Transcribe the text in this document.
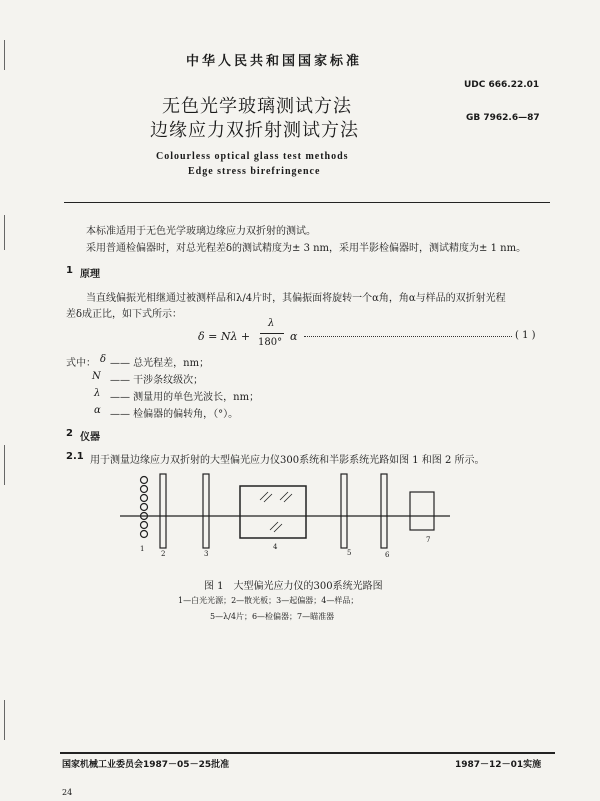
中华人民共和国国家标准
UDC 666.22.01
GB 7962.6—87
无色光学玻璃测试方法
边缘应力双折射测试方法
Colourless optical glass test methods
Edge stress birefringence
本标准适用于无色光学玻璃边缘应力双折射的测试。
采用普通检偏器时，对总光程差δ的测试精度为± 3 nm，采用半影检偏器时，测试精度为± 1 nm。
1 原理
当直线偏振光相继通过被测样品和λ/4片时，其偏振面将旋转一个α角，角α与样品的双折射光程
差δ成正比，如下式所示：
δ = Nλ +
λ
180° α	( 1 )
式中： δ —— 总光程差，nm；
N —— 干涉条纹级次；
λ —— 测量用的单色光波长，nm；
α —— 检偏器的偏转角，（°）。
2 仪器
2.1 用于测量边缘应力双折射的大型偏光应力仪300系统和半影系统光路如图 1 和图 2 所示。
1
2	3
4
5	6
7
图 1　大型偏光应力仪的300系统光路图
1—白光光源；2—散光板；3—起偏器；4—样品；
5—λ/4片；6—检偏器；7—瞄准器
国家机械工业委员会1987－05－25批准	1987－12－01实施
24
